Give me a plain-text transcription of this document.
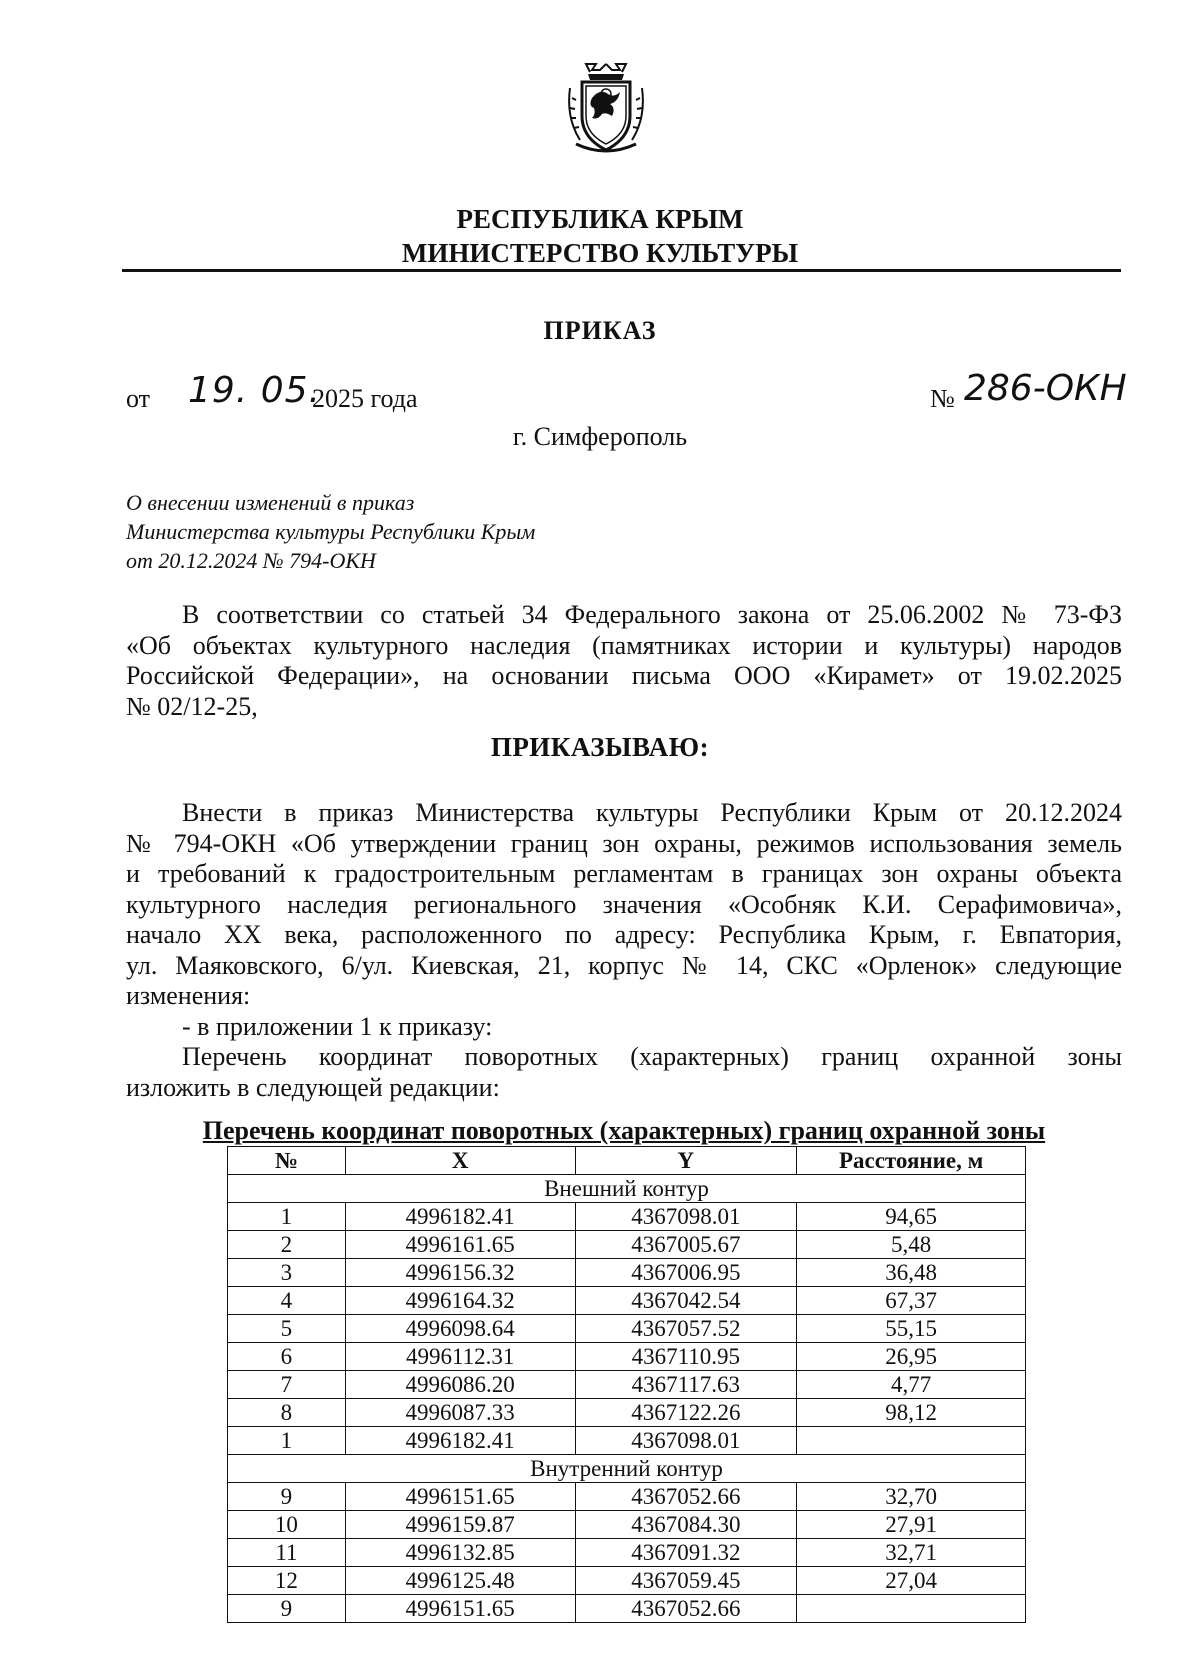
РЕСПУБЛИКА КРЫМ
МИНИСТЕРСТВО КУЛЬТУРЫ
ПРИКАЗ
от 19. 05.
2025 года	№ 286-ОКН
г. Симферополь
О внесении изменений в приказ
Министерства культуры Республики Крым
от 20.12.2024 № 794-ОКН
В соответствии со статьей 34 Федерального закона от 25.06.2002 № 73-ФЗ
«Об объектах культурного наследия (памятниках истории и культуры) народов
Российской Федерации», на основании письма ООО «Кирамет» от 19.02.2025
№ 02/12-25,
ПРИКАЗЫВАЮ:
Внести в приказ Министерства культуры Республики Крым от 20.12.2024
№ 794-ОКН «Об утверждении границ зон охраны, режимов использования земель
и требований к градостроительным регламентам в границах зон охраны объекта
культурного наследия регионального значения «Особняк К.И. Серафимовича»,
начало XX века, расположенного по адресу: Республика Крым, г. Евпатория,
ул. Маяковского, 6/ул. Киевская, 21, корпус № 14, СКС «Орленок» следующие
изменения:
- в приложении 1 к приказу:
Перечень координат поворотных (характерных) границ охранной зоны
изложить в следующей редакции:
Перечень координат поворотных (характерных) границ охранной зоны
№	X	Y	Расстояние, м
Внешний контур			
1	4996182.41	4367098.01	94,65
2	4996161.65	4367005.67	5,48
3	4996156.32	4367006.95	36,48
4	4996164.32	4367042.54	67,37
5	4996098.64	4367057.52	55,15
6	4996112.31	4367110.95	26,95
7	4996086.20	4367117.63	4,77
8	4996087.33	4367122.26	98,12
1	4996182.41	4367098.01	
Внутренний контур			
9	4996151.65	4367052.66	32,70
10	4996159.87	4367084.30	27,91
11	4996132.85	4367091.32	32,71
12	4996125.48	4367059.45	27,04
9	4996151.65	4367052.66	
